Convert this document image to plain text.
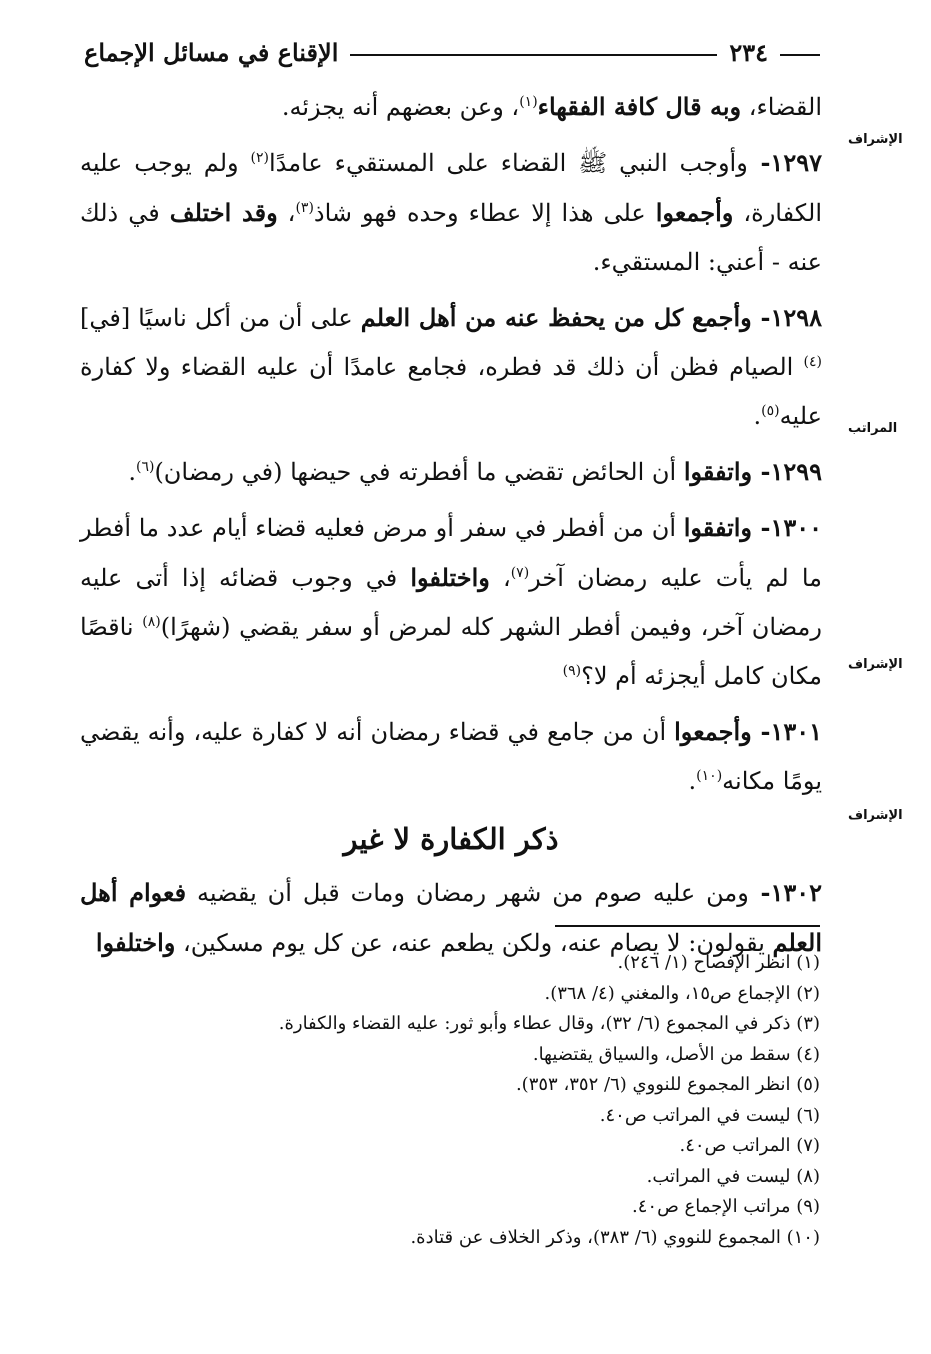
٢٣٤
الإقناع في مسائل الإجماع
الإشراف
المراتب
الإشراف
الإشراف

القضاء، وبه قال كافة الفقهاء$^{(١)}$، وعن بعضهم أنه يجزئه.

١٢٩٧- وأوجب النبي ﷺ القضاء على المستقيء عامدًا$^{(٢)}$ ولم يوجب عليه الكفارة، وأجمعوا على هذا إلا عطاء وحده فهو شاذ$^{(٣)}$، وقد اختلف في ذلك عنه - أعني: المستقيء.

١٢٩٨- وأجمع كل من يحفظ عنه من أهل العلم على أن من أكل ناسيًا [في]$^{(٤)}$ الصيام فظن أن ذلك قد فطره، فجامع عامدًا أن عليه القضاء ولا كفارة عليه$^{(٥)}$.

١٢٩٩- واتفقوا أن الحائض تقضي ما أفطرته في حيضها (في رمضان)$^{(٦)}$.

١٣٠٠- واتفقوا أن من أفطر في سفر أو مرض فعليه قضاء أيام عدد ما أفطر ما لم يأت عليه رمضان آخر$^{(٧)}$، واختلفوا في وجوب قضائه إذا أتى عليه رمضان آخر، وفيمن أفطر الشهر كله لمرض أو سفر يقضي (شهرًا)$^{(٨)}$ ناقصًا مكان كامل أيجزئه أم لا؟$^{(٩)}$

١٣٠١- وأجمعوا أن من جامع في قضاء رمضان أنه لا كفارة عليه، وأنه يقضي يومًا مكانه$^{(١٠)}$.

ذكر الكفارة لا غير

١٣٠٢- ومن عليه صوم من شهر رمضان ومات قبل أن يقضيه فعوام أهل العلم يقولون: لا يصام عنه، ولكن يطعم عنه، عن كل يوم مسكين، واختلفوا

(١) انظر الإفصاح (١/ ٢٤٦).
(٢) الإجماع ص١٥، والمغني (٤/ ٣٦٨).
(٣) ذكر في المجموع (٦/ ٣٢)، وقال عطاء وأبو ثور: عليه القضاء والكفارة.
(٤) سقط من الأصل، والسياق يقتضيها.
(٥) انظر المجموع للنووي (٦/ ٣٥٢، ٣٥٣).
(٦) ليست في المراتب ص٤٠.
(٧) المراتب ص٤٠.
(٨) ليست في المراتب.
(٩) مراتب الإجماع ص٤٠.
(١٠) المجموع للنووي (٦/ ٣٨٣)، وذكر الخلاف عن قتادة.
